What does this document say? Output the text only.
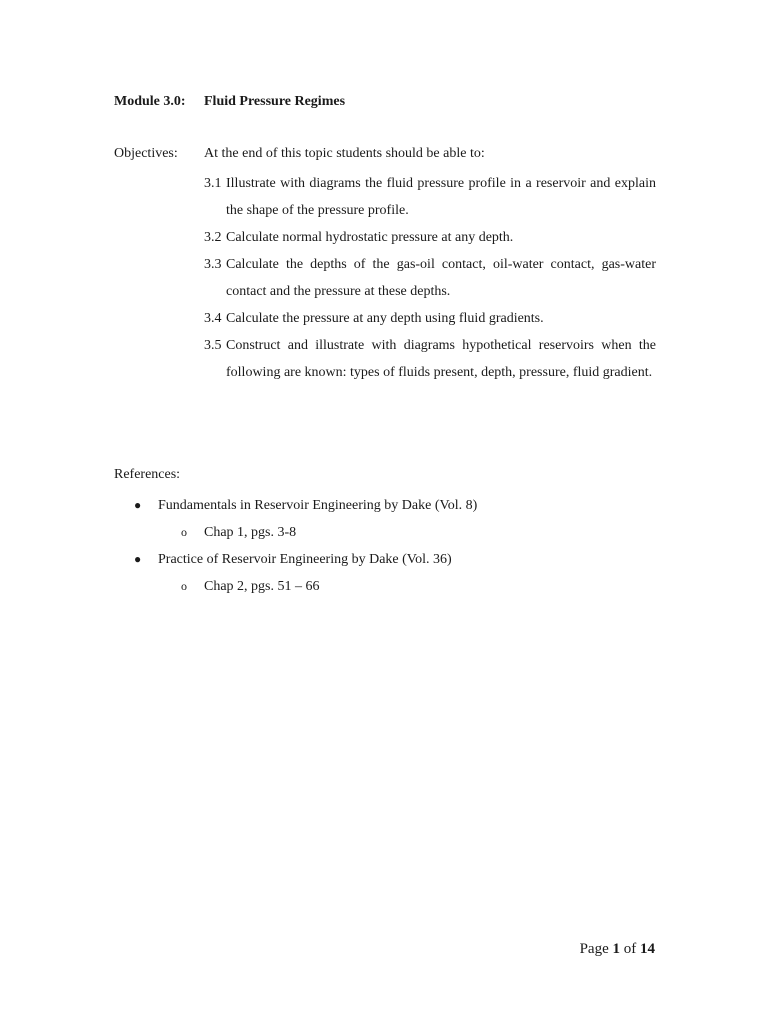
Module 3.0: Fluid Pressure Regimes
Objectives: At the end of this topic students should be able to:
3.1 Illustrate with diagrams the fluid pressure profile in a reservoir and explain the shape of the pressure profile.
3.2 Calculate normal hydrostatic pressure at any depth.
3.3 Calculate the depths of the gas-oil contact, oil-water contact, gas-water contact and the pressure at these depths.
3.4 Calculate the pressure at any depth using fluid gradients.
3.5 Construct and illustrate with diagrams hypothetical reservoirs when the following are known: types of fluids present, depth, pressure, fluid gradient.
References:
● Fundamentals in Reservoir Engineering by Dake (Vol. 8)
o Chap 1, pgs. 3-8
● Practice of Reservoir Engineering by Dake (Vol. 36)
o Chap 2, pgs. 51 – 66
Page 1 of 14
